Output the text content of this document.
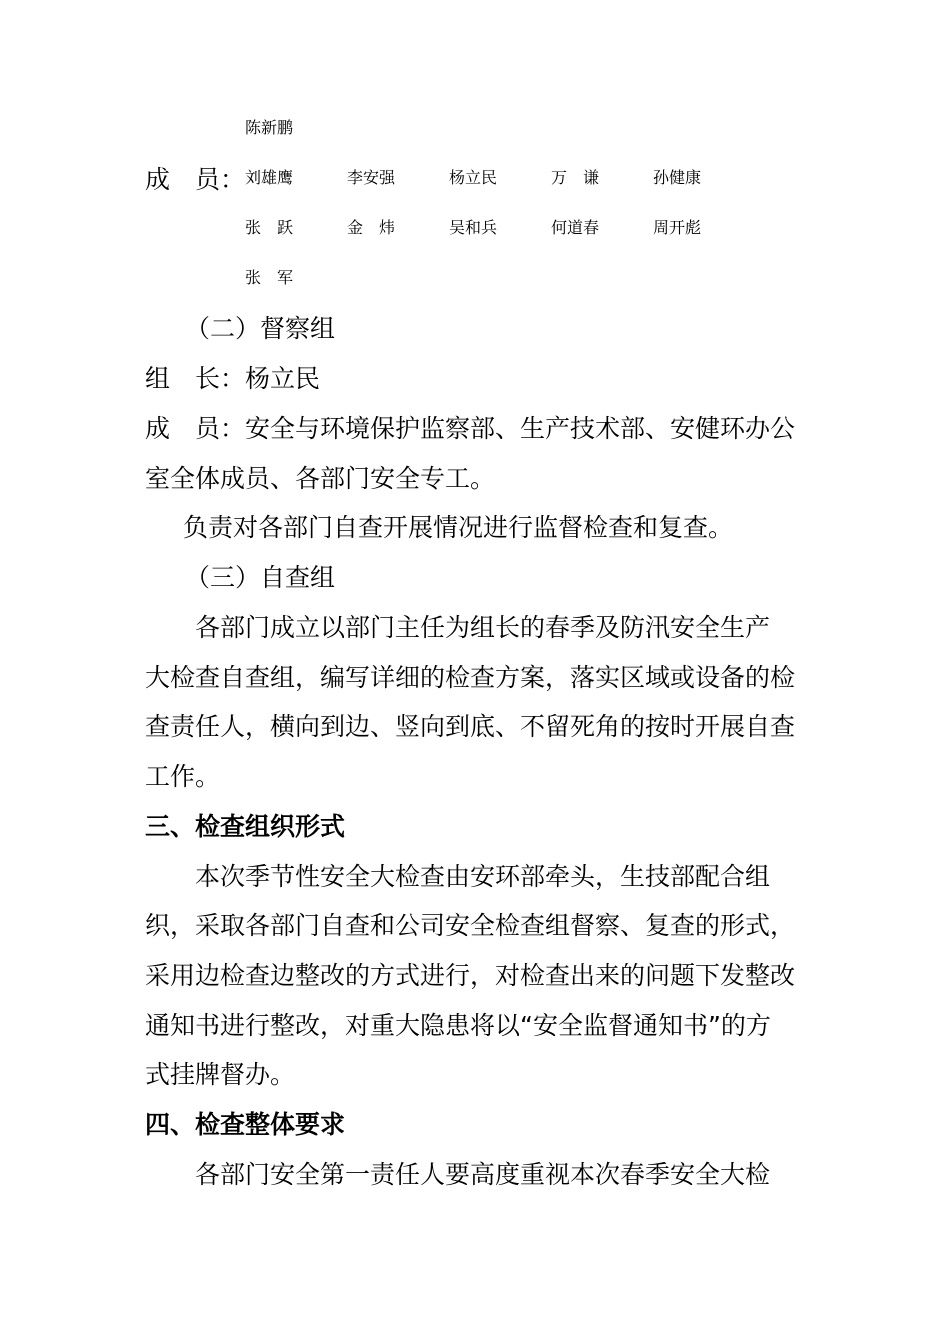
陈新鹏
成　员： 刘雄鹰	李安强	杨立民	万　谦	孙健康
张　跃	金　炜	吴和兵	何道春	周开彪
张　军
（二）督察组
组　长：杨立民
成　员：安全与环境保护监察部、生产技术部、安健环办公
室全体成员、各部门安全专工。
负责对各部门自查开展情况进行监督检查和复查。
（三）自查组
各部门成立以部门主任为组长的春季及防汛安全生产
大检查自查组，编写详细的检查方案，落实区域或设备的检
查责任人，横向到边、竖向到底、不留死角的按时开展自查
工作。
三、检查组织形式
本次季节性安全大检查由安环部牵头，生技部配合组
织，采取各部门自查和公司安全检查组督察、复查的形式，
采用边检查边整改的方式进行，对检查出来的问题下发整改
通知书进行整改，对重大隐患将以“安全监督通知书”的方
式挂牌督办。
四、检查整体要求
各部门安全第一责任人要高度重视本次春季安全大检
